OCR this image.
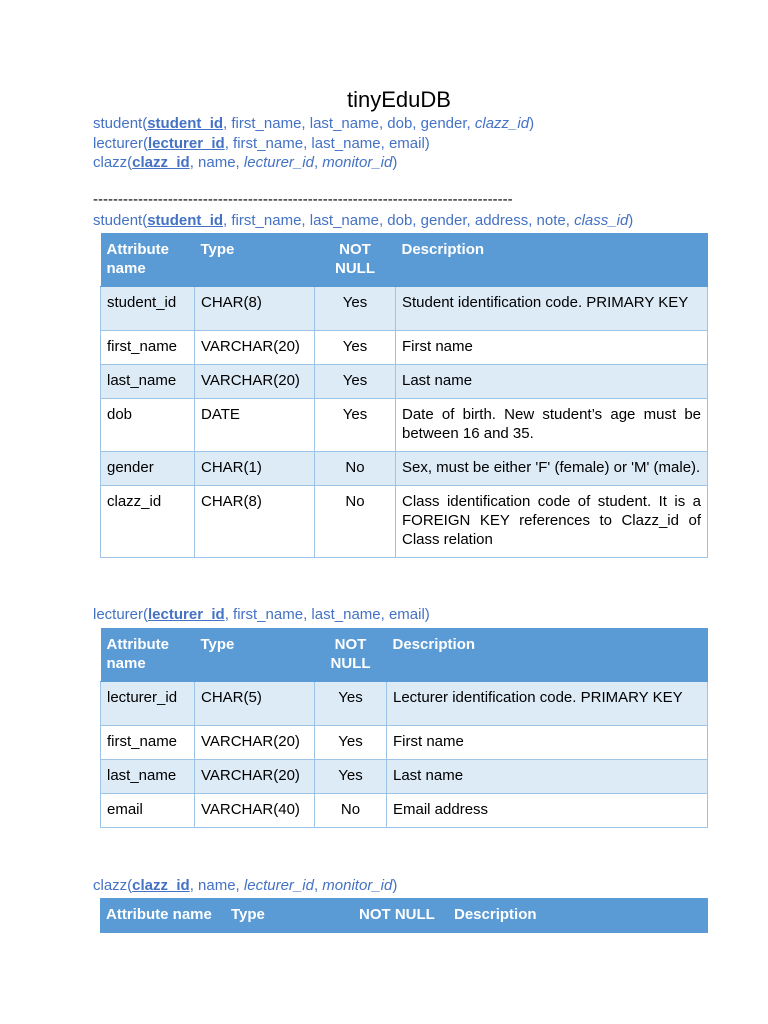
tinyEduDB
student(student_id, first_name, last_name, dob, gender, clazz_id)
lecturer(lecturer_id, first_name, last_name, email)
clazz(clazz_id, name, lecturer_id, monitor_id)
------------------------------------------------------------------------------------
student(student_id, first_name, last_name, dob, gender, address, note, class_id)
Attribute name	Type	NOT NULL	Description
student_id	CHAR(8)	Yes	Student identification code. PRIMARY KEY
first_name	VARCHAR(20)	Yes	First name
last_name	VARCHAR(20)	Yes	Last name
dob	DATE	Yes	Date of birth. New student’s age must be between 16 and 35.
gender	CHAR(1)	No	Sex, must be either 'F' (female) or 'M' (male).
clazz_id	CHAR(8)	No	Class identification code of student. It is a FOREIGN KEY references to Clazz_id of Class relation
lecturer(lecturer_id, first_name, last_name, email)
Attribute name	Type	NOT NULL	Description
lecturer_id	CHAR(5)	Yes	Lecturer identification code. PRIMARY KEY
first_name	VARCHAR(20)	Yes	First name
last_name	VARCHAR(20)	Yes	Last name
email	VARCHAR(40)	No	Email address
clazz(clazz_id, name, lecturer_id, monitor_id)
Attribute name	Type	NOT NULL	Description
